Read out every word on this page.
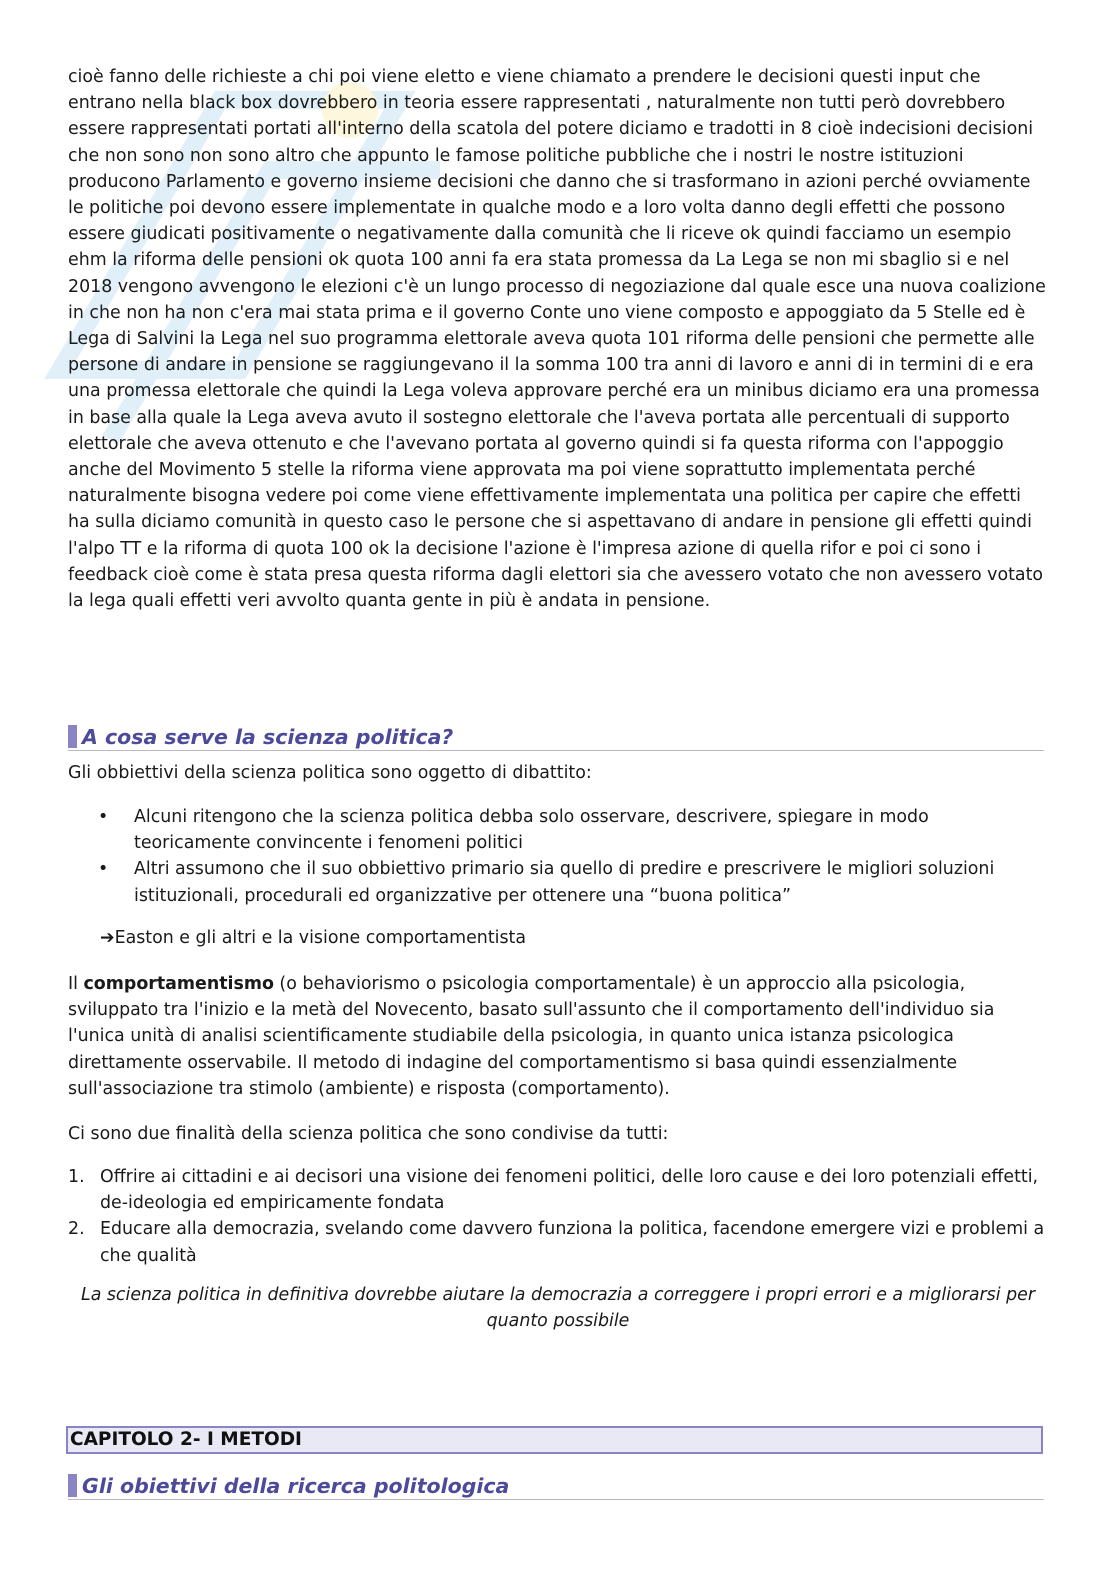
cioè fanno delle richieste a chi poi viene eletto e viene chiamato a prendere le decisioni questi input che entrano nella black box dovrebbero in teoria essere rappresentati , naturalmente non tutti però dovrebbero essere rappresentati portati all'interno della scatola del potere diciamo e tradotti in 8 cioè indecisioni decisioni che non sono non sono altro che appunto le famose politiche pubbliche che i nostri le nostre istituzioni producono Parlamento e governo insieme decisioni che danno che si trasformano in azioni perché ovviamente le politiche poi devono essere implementate in qualche modo e a loro volta danno degli effetti che possono essere giudicati positivamente o negativamente dalla comunità che li riceve ok quindi facciamo un esempio ehm la riforma delle pensioni ok quota 100 anni fa era stata promessa da La Lega se non mi sbaglio si e nel 2018 vengono avvengono le elezioni c'è un lungo processo di negoziazione dal quale esce una nuova coalizione in che non ha non c'era mai stata prima e il governo Conte uno viene composto e appoggiato da 5 Stelle ed è Lega di Salvini la Lega nel suo programma elettorale aveva quota 101 riforma delle pensioni che permette alle persone di andare in pensione se raggiungevano il la somma 100 tra anni di lavoro e anni di in termini di e era una promessa elettorale che quindi la Lega voleva approvare perché era un minibus diciamo era una promessa in base alla quale la Lega aveva avuto il sostegno elettorale che l'aveva portata alle percentuali di supporto elettorale che aveva ottenuto e che l'avevano portata al governo quindi si fa questa riforma con l'appoggio anche del Movimento 5 stelle la riforma viene approvata ma poi viene soprattutto implementata perché naturalmente bisogna vedere poi come viene effettivamente implementata una politica per capire che effetti ha sulla diciamo comunità in questo caso le persone che si aspettavano di andare in pensione gli effetti quindi l'alpo TT e la riforma di quota 100 ok la decisione l'azione è l'impresa azione di quella rifor e poi ci sono i feedback cioè come è stata presa questa riforma dagli elettori sia che avessero votato che non avessero votato la lega quali effetti veri avvolto quanta gente in più è andata in pensione.

A cosa serve la scienza politica?
Gli obbiettivi della scienza politica sono oggetto di dibattito:
• Alcuni ritengono che la scienza politica debba solo osservare, descrivere, spiegare in modo teoricamente convincente i fenomeni politici
• Altri assumono che il suo obbiettivo primario sia quello di predire e prescrivere le migliori soluzioni istituzionali, procedurali ed organizzative per ottenere una “buona politica”
➔Easton e gli altri e la visione comportamentista
Il comportamentismo (o behaviorismo o psicologia comportamentale) è un approccio alla psicologia, sviluppato tra l'inizio e la metà del Novecento, basato sull'assunto che il comportamento dell'individuo sia l'unica unità di analisi scientificamente studiabile della psicologia, in quanto unica istanza psicologica direttamente osservabile. Il metodo di indagine del comportamentismo si basa quindi essenzialmente sull'associazione tra stimolo (ambiente) e risposta (comportamento).
Ci sono due finalità della scienza politica che sono condivise da tutti:
1. Offrire ai cittadini e ai decisori una visione dei fenomeni politici, delle loro cause e dei loro potenziali effetti, de-ideologia ed empiricamente fondata
2. Educare alla democrazia, svelando come davvero funziona la politica, facendone emergere vizi e problemi a che qualità
La scienza politica in definitiva dovrebbe aiutare la democrazia a correggere i propri errori e a migliorarsi per quanto possibile
CAPITOLO 2- I METODI
Gli obiettivi della ricerca politologica
